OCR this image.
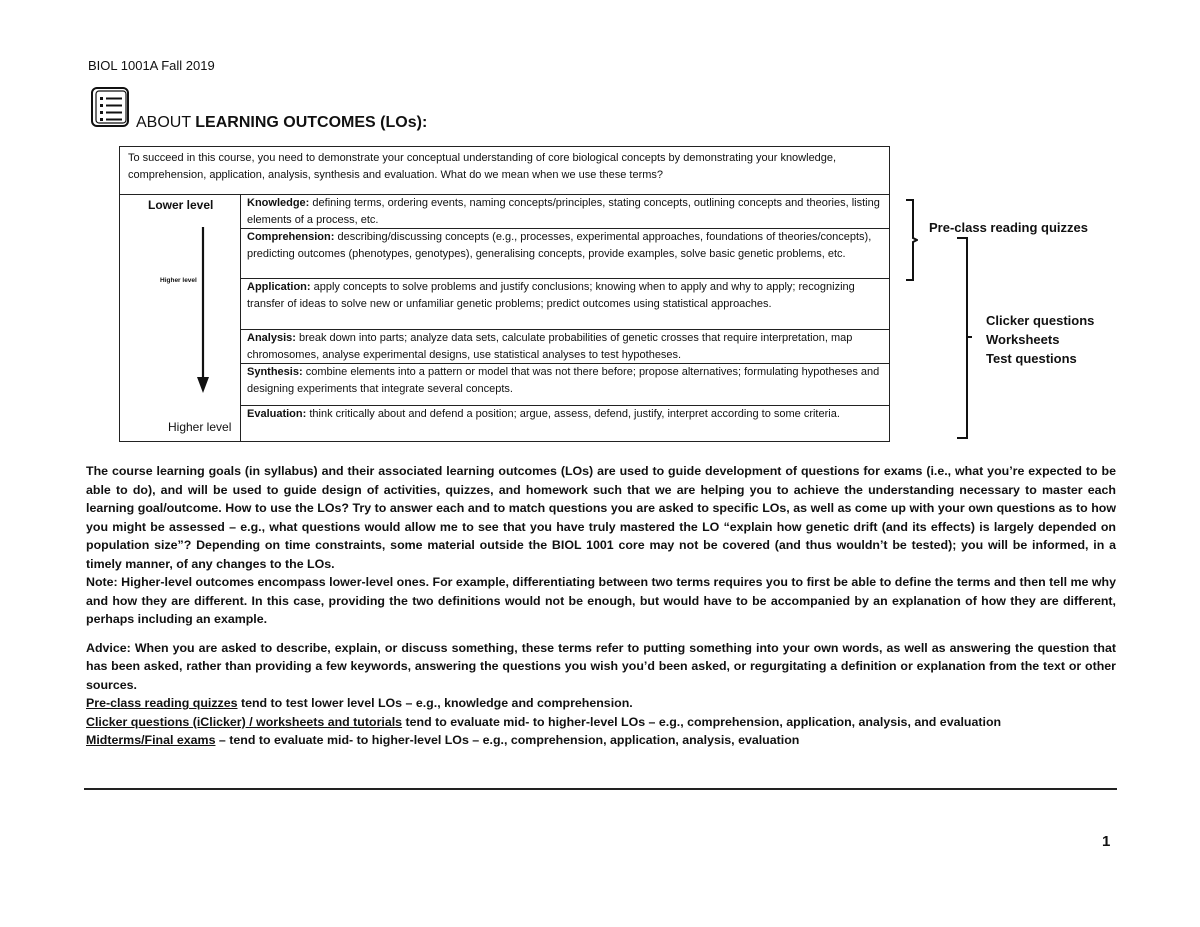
BIOL 1001A Fall 2019
ABOUT LEARNING OUTCOMES (LOs):
To succeed in this course, you need to demonstrate your conceptual understanding of core biological concepts by demonstrating your knowledge, comprehension, application, analysis, synthesis and evaluation. What do we mean when we use these terms?
Lower level
Higher level
Higher level
Knowledge: defining terms, ordering events, naming concepts/principles, stating concepts, outlining concepts and theories, listing elements of a process, etc.
Comprehension: describing/discussing concepts (e.g., processes, experimental approaches, foundations of theories/concepts), predicting outcomes (phenotypes, genotypes), generalising concepts, provide examples, solve basic genetic problems, etc.
Application: apply concepts to solve problems and justify conclusions; knowing when to apply and why to apply; recognizing transfer of ideas to solve new or unfamiliar genetic problems; predict outcomes using statistical approaches.
Analysis: break down into parts; analyze data sets, calculate probabilities of genetic crosses that require interpretation, map chromosomes, analyse experimental designs, use statistical analyses to test hypotheses.
Synthesis: combine elements into a pattern or model that was not there before; propose alternatives; formulating hypotheses and designing experiments that integrate several concepts.
Evaluation: think critically about and defend a position; argue, assess, defend, justify, interpret according to some criteria.
Pre-class reading quizzes
Clicker questions
Worksheets
Test questions

The course learning goals (in syllabus) and their associated learning outcomes (LOs) are used to guide development of questions for exams (i.e., what you’re expected to be able to do), and will be used to guide design of activities, quizzes, and homework such that we are helping you to achieve the understanding necessary to master each learning goal/outcome. How to use the LOs? Try to answer each and to match questions you are asked to specific LOs, as well as come up with your own questions as to how you might be assessed – e.g., what questions would allow me to see that you have truly mastered the LO “explain how genetic drift (and its effects) is largely depended on population size”? Depending on time constraints, some material outside the BIOL 1001 core may not be covered (and thus wouldn’t be tested); you will be informed, in a timely manner, of any changes to the LOs.

Note: Higher-level outcomes encompass lower-level ones. For example, differentiating between two terms requires you to first be able to define the terms and then tell me why and how they are different. In this case, providing the two definitions would not be enough, but would have to be accompanied by an explanation of how they are different, perhaps including an example.

Advice: When you are asked to describe, explain, or discuss something, these terms refer to putting something into your own words, as well as answering the question that has been asked, rather than providing a few keywords, answering the questions you wish you’d been asked, or regurgitating a definition or explanation from the text or other sources.

Pre-class reading quizzes tend to test lower level LOs – e.g., knowledge and comprehension.
Clicker questions (iClicker) / worksheets and tutorials tend to evaluate mid- to higher-level LOs – e.g., comprehension, application, analysis, and evaluation
Midterms/Final exams – tend to evaluate mid- to higher-level LOs – e.g., comprehension, application, analysis, evaluation
1
